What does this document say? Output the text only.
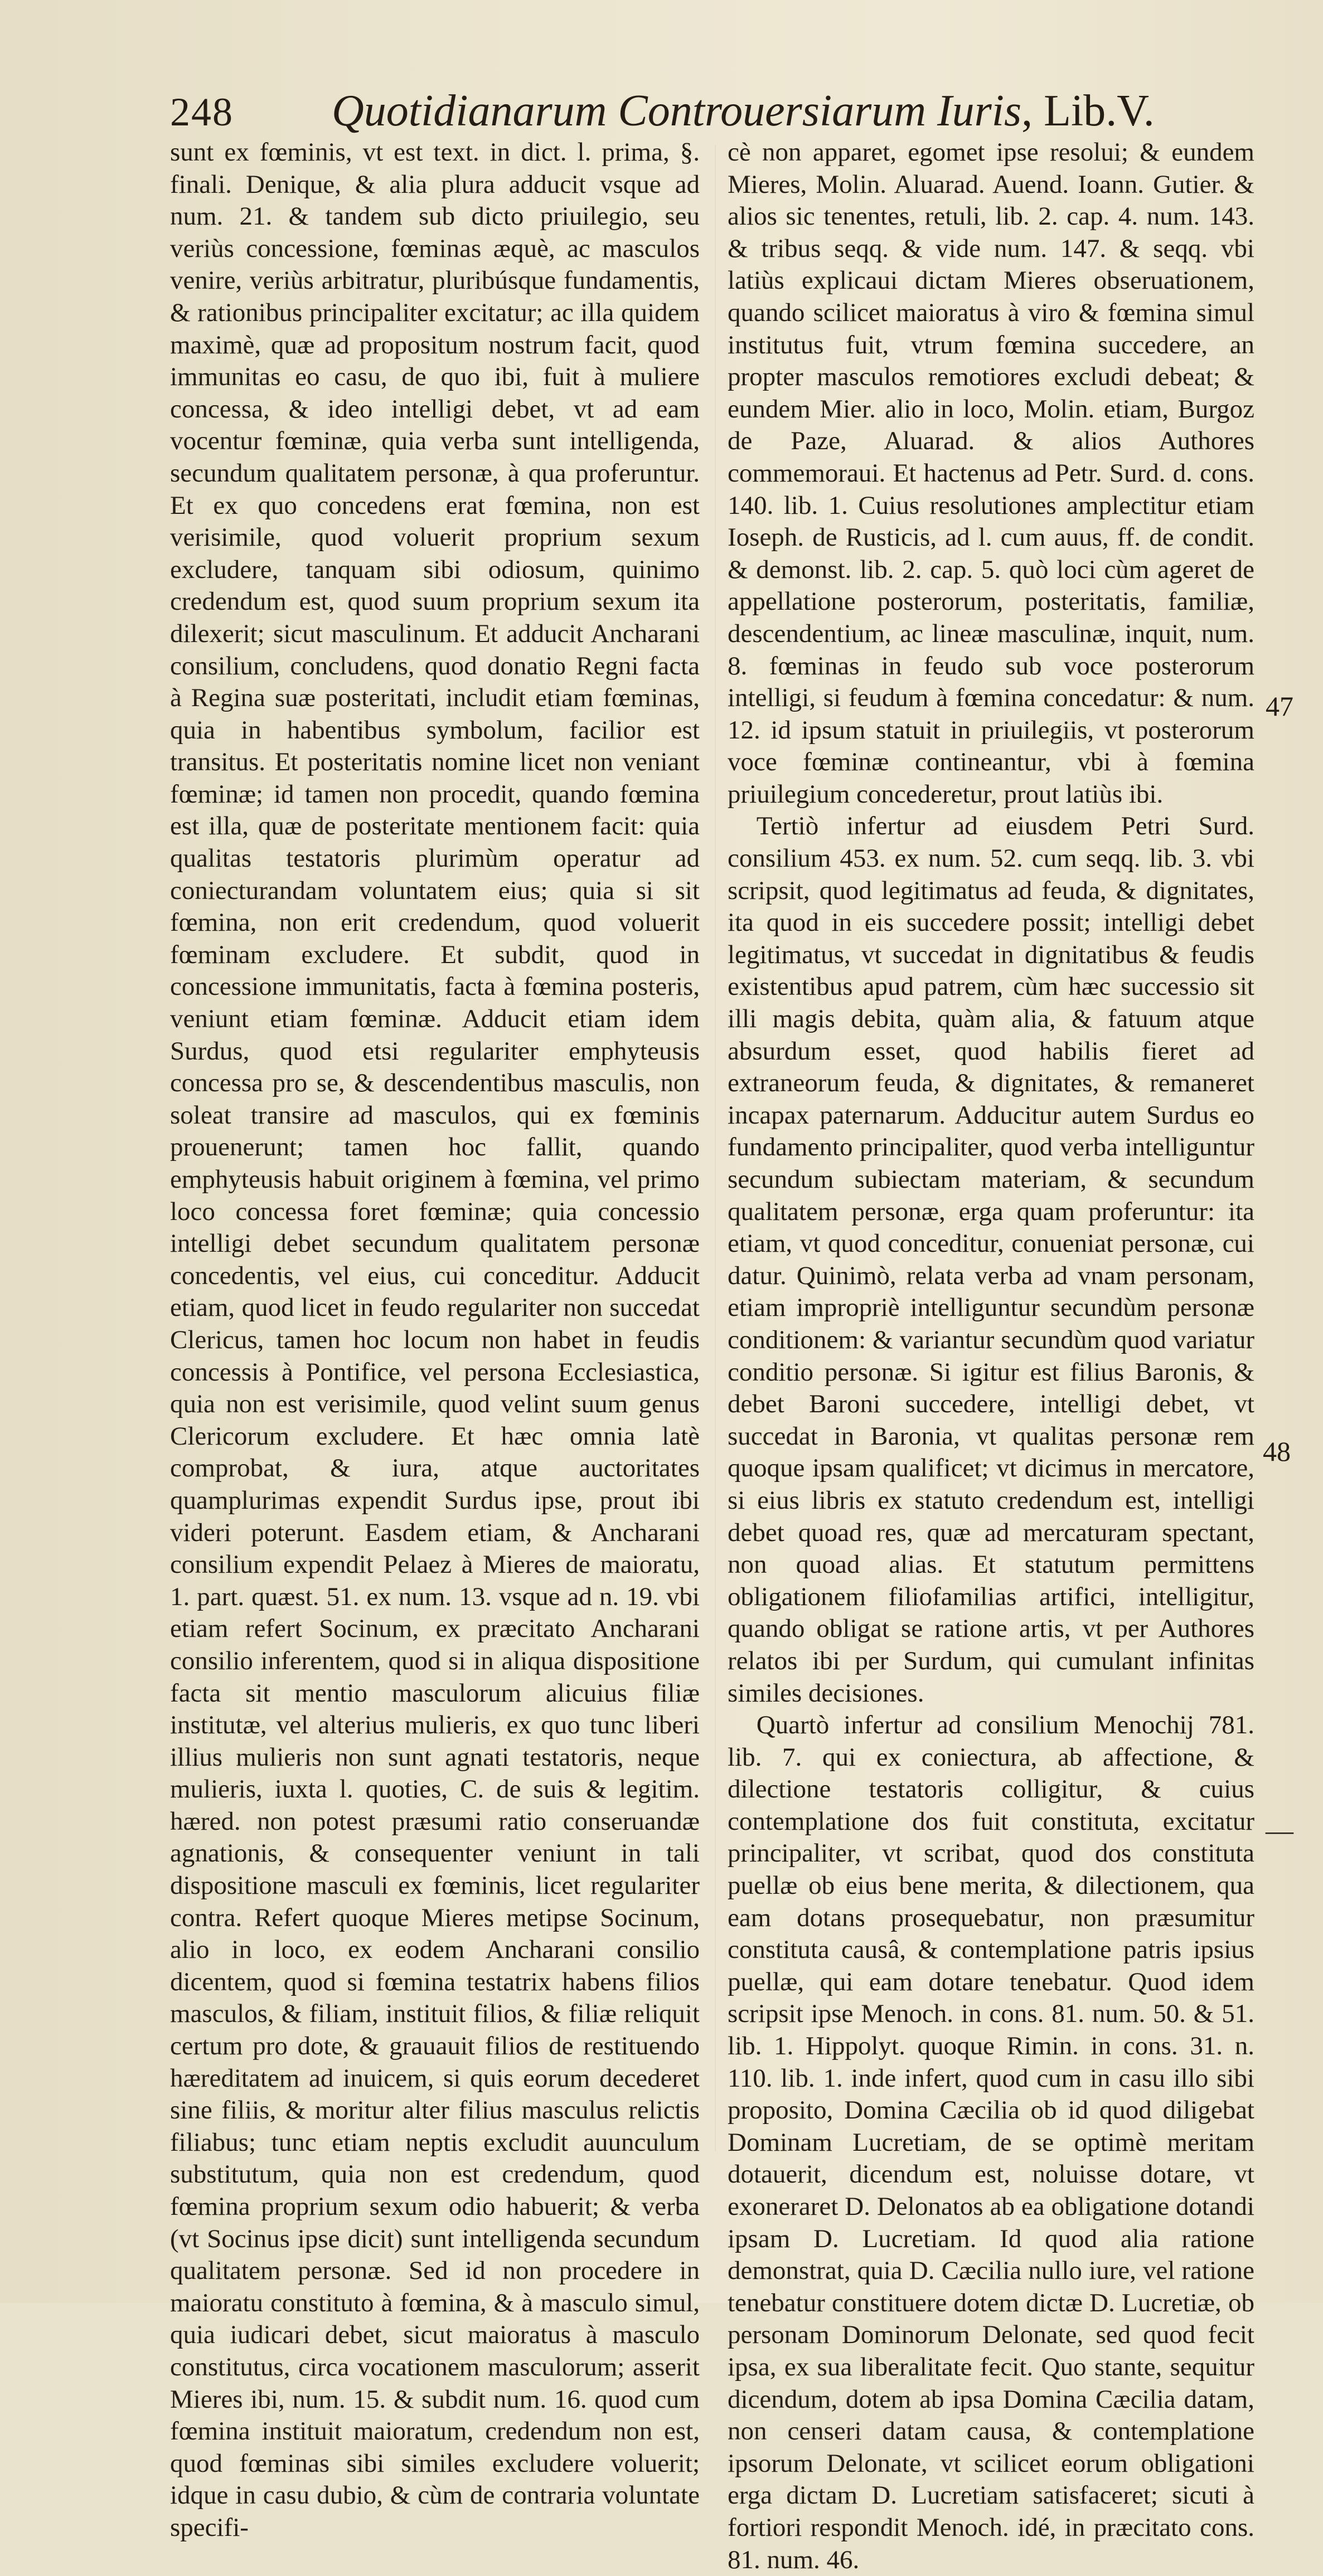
248 Quotidianarum Controuersiarum Iuris, Lib.V.

sunt ex fœminis, vt est text. in dict. l. prima, §. finali. Denique, & alia plura adducit vsque ad num. 21. & tandem sub dicto priuilegio, seu veriùs concessione, fœminas æquè, ac masculos venire, veriùs arbitratur, pluribúsque fundamentis, & rationibus principaliter excitatur; ac illa quidem maximè, quæ ad propositum nostrum facit, quod immunitas eo casu, de quo ibi, fuit à muliere concessa, & ideo intelligi debet, vt ad eam vocentur fœminæ, quia verba sunt intelligenda, secundum qualitatem personæ, à qua proferuntur. Et ex quo concedens erat fœmina, non est verisimile, quod voluerit proprium sexum excludere, tanquam sibi odiosum, quinimo credendum est, quod suum proprium sexum ita dilexerit; sicut masculinum. Et adducit Ancharani consilium, concludens, quod donatio Regni facta à Regina suæ posteritati, includit etiam fœminas, quia in habentibus symbolum, facilior est transitus. Et posteritatis nomine licet non veniant fœminæ; id tamen non procedit, quando fœmina est illa, quæ de posteritate mentionem facit: quia qualitas testatoris plurimùm operatur ad coniecturandam voluntatem eius; quia si sit fœmina, non erit credendum, quod voluerit fœminam excludere. Et subdit, quod in concessione immunitatis, facta à fœmina posteris, veniunt etiam fœminæ. Adducit etiam idem Surdus, quod etsi regulariter emphyteusis concessa pro se, & descendentibus masculis, non soleat transire ad masculos, qui ex fœminis prouenerunt; tamen hoc fallit, quando emphyteusis habuit originem à fœmina, vel primo loco concessa foret fœminæ; quia concessio intelligi debet secundum qualitatem personæ concedentis, vel eius, cui conceditur. Adducit etiam, quod licet in feudo regulariter non succedat Clericus, tamen hoc locum non habet in feudis concessis à Pontifice, vel persona Ecclesiastica, quia non est verisimile, quod velint suum genus Clericorum excludere. Et hæc omnia latè comprobat, & iura, atque auctoritates quamplurimas expendit Surdus ipse, prout ibi videri poterunt. Easdem etiam, & Ancharani consilium expendit Pelaez à Mieres de maioratu, 1. part. quæst. 51. ex num. 13. vsque ad n. 19. vbi etiam refert Socinum, ex præcitato Ancharani consilio inferentem, quod si in aliqua dispositione facta sit mentio masculorum alicuius filiæ institutæ, vel alterius mulieris, ex quo tunc liberi illius mulieris non sunt agnati testatoris, neque mulieris, iuxta l. quoties, C. de suis & legitim. hæred. non potest præsumi ratio conseruandæ agnationis, & consequenter veniunt in tali dispositione masculi ex fœminis, licet regulariter contra. Refert quoque Mieres metipse Socinum, alio in loco, ex eodem Ancharani consilio dicentem, quod si fœmina testatrix habens filios masculos, & filiam, instituit filios, & filiæ reliquit certum pro dote, & grauauit filios de restituendo hæreditatem ad inuicem, si quis eorum decederet sine filiis, & moritur alter filius masculus relictis filiabus; tunc etiam neptis excludit auunculum substitutum, quia non est credendum, quod fœmina proprium sexum odio habuerit; & verba (vt Socinus ipse dicit) sunt intelligenda secundum qualitatem personæ. Sed id non procedere in maioratu constituto à fœmina, & à masculo simul, quia iudicari debet, sicut maioratus à masculo constitutus, circa vocationem masculorum; asserit Mieres ibi, num. 15. & subdit num. 16. quod cum fœmina instituit maioratum, credendum non est, quod fœminas sibi similes excludere voluerit; idque in casu dubio, & cùm de contraria voluntate specifi-

cè non apparet, egomet ipse resolui; & eundem Mieres, Molin. Aluarad. Auend. Ioann. Gutier. & alios sic tenentes, retuli, lib. 2. cap. 4. num. 143. & tribus seqq. & vide num. 147. & seqq. vbi latiùs explicaui dictam Mieres obseruationem, quando scilicet maioratus à viro & fœmina simul institutus fuit, vtrum fœmina succedere, an propter masculos remotiores excludi debeat; & eundem Mier. alio in loco, Molin. etiam, Burgoz de Paze, Aluarad. & alios Authores commemoraui. Et hactenus ad Petr. Surd. d. cons. 140. lib. 1. Cuius resolutiones amplectitur etiam Ioseph. de Rusticis, ad l. cum auus, ff. de condit. & demonst. lib. 2. cap. 5. quò loci cùm ageret de appellatione posterorum, posteritatis, familiæ, descendentium, ac lineæ masculinæ, inquit, num. 8. fœminas in feudo sub voce posterorum intelligi, si feudum à fœmina concedatur: & num. 12. id ipsum statuit in priuilegiis, vt posterorum voce fœminæ contineantur, vbi à fœmina priuilegium concederetur, prout latiùs ibi.

Tertiò infertur ad eiusdem Petri Surd. consilium 453. ex num. 52. cum seqq. lib. 3. vbi scripsit, quod legitimatus ad feuda, & dignitates, ita quod in eis succedere possit; intelligi debet legitimatus, vt succedat in dignitatibus & feudis existentibus apud patrem, cùm hæc successio sit illi magis debita, quàm alia, & fatuum atque absurdum esset, quod habilis fieret ad extraneorum feuda, & dignitates, & remaneret incapax paternarum. Adducitur autem Surdus eo fundamento principaliter, quod verba intelliguntur secundum subiectam materiam, & secundum qualitatem personæ, erga quam proferuntur: ita etiam, vt quod conceditur, conueniat personæ, cui datur. Quinimò, relata verba ad vnam personam, etiam impropriè intelliguntur secundùm personæ conditionem: & variantur secundùm quod variatur conditio personæ. Si igitur est filius Baronis, & debet Baroni succedere, intelligi debet, vt succedat in Baronia, vt qualitas personæ rem quoque ipsam qualificet; vt dicimus in mercatore, si eius libris ex statuto credendum est, intelligi debet quoad res, quæ ad mercaturam spectant, non quoad alias. Et statutum permittens obligationem filiofamilias artifici, intelligitur, quando obligat se ratione artis, vt per Authores relatos ibi per Surdum, qui cumulant infinitas similes decisiones.

Quartò infertur ad consilium Menochij 781. lib. 7. qui ex coniectura, ab affectione, & dilectione testatoris colligitur, & cuius contemplatione dos fuit constituta, excitatur principaliter, vt scribat, quod dos constituta puellæ ob eius bene merita, & dilectionem, qua eam dotans prosequebatur, non præsumitur constituta causâ, & contemplatione patris ipsius puellæ, qui eam dotare tenebatur. Quod idem scripsit ipse Menoch. in cons. 81. num. 50. & 51. lib. 1. Hippolyt. quoque Rimin. in cons. 31. n. 110. lib. 1. inde infert, quod cum in casu illo sibi proposito, Domina Cæcilia ob id quod diligebat Dominam Lucretiam, de se optimè meritam dotauerit, dicendum est, noluisse dotare, vt exoneraret D. Delonatos ab ea obligatione dotandi ipsam D. Lucretiam. Id quod alia ratione demonstrat, quia D. Cæcilia nullo iure, vel ratione tenebatur constituere dotem dictæ D. Lucretiæ, ob personam Dominorum Delonate, sed quod fecit ipsa, ex sua liberalitate fecit. Quo stante, sequitur dicendum, dotem ab ipsa Domina Cæcilia datam, non censeri datam causa, & contemplatione ipsorum Delonate, vt scilicet eorum obligationi erga dictam D. Lucretiam satisfaceret; sicuti à fortiori respondit Menoch. idé, in præcitato cons. 81. num. 46.

47
48
—
